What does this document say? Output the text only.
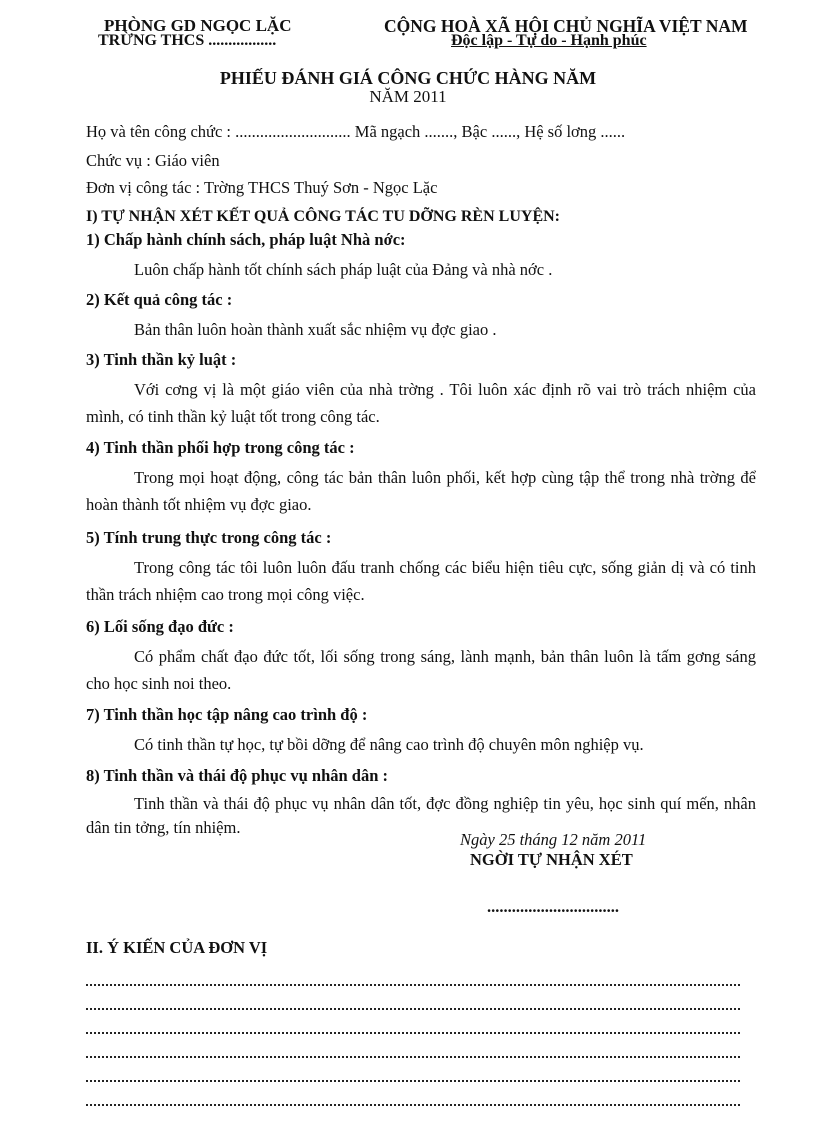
PHÒNG GD NGỌC LẶC
TRỪNG THCS .................
CỘNG HOÀ XÃ HỘI CHỦ NGHĨA VIỆT NAM
Độc lập - Tự do - Hạnh phúc
PHIẾU ĐÁNH GIÁ CÔNG CHỨC HÀNG NĂM
NĂM 2011
Họ và tên công chức : ............................ Mã ngạch ......., Bậc ......, Hệ số lơng ......
Chức vụ : Giáo viên
Đơn vị công tác : Trờng THCS Thuý Sơn - Ngọc Lặc
I) TỰ NHẬN XÉT KẾT QUẢ CÔNG TÁC TU DỠNG RÈN LUYỆN:
1) Chấp hành chính sách, pháp luật Nhà nớc:
Luôn chấp hành tốt chính sách pháp luật của Đảng và nhà nớc .
2) Kết quả công tác :
Bản thân luôn hoàn thành xuất sắc nhiệm vụ đợc giao .
3) Tinh thần kỷ luật :
Với cơng vị là một giáo viên của nhà trờng . Tôi luôn xác định rõ vai trò trách nhiệm của mình, có tinh thần kỷ luật tốt trong công tác.
4) Tinh thần phối hợp trong công tác :
Trong mọi hoạt động, công tác bản thân luôn phối, kết hợp cùng tập thể trong nhà trờng để hoàn thành tốt nhiệm vụ đợc giao.
5) Tính trung thực trong công tác :
Trong công tác tôi luôn luôn đấu tranh chống các biểu hiện tiêu cực, sống giản dị và có tinh thần trách nhiệm cao trong mọi công việc.
6) Lối sống đạo đức :
Có phẩm chất đạo đức tốt, lối sống trong sáng, lành mạnh, bản thân luôn là tấm gơng sáng cho học sinh noi theo.
7) Tinh thần học tập nâng cao trình độ :
Có tinh thần tự học, tự bồi dỡng để nâng cao trình độ chuyên môn nghiệp vụ.
8) Tinh thần và thái độ phục vụ nhân dân :
Tinh thần và thái độ phục vụ nhân dân tốt, đợc đồng nghiệp tin yêu, học sinh quí mến, nhân dân tin tởng, tín nhiệm.
Ngày 25 tháng 12 năm 2011
NGỜI TỰ NHẬN XÉT
................................
II. Ý KIẾN CỦA ĐƠN VỊ
